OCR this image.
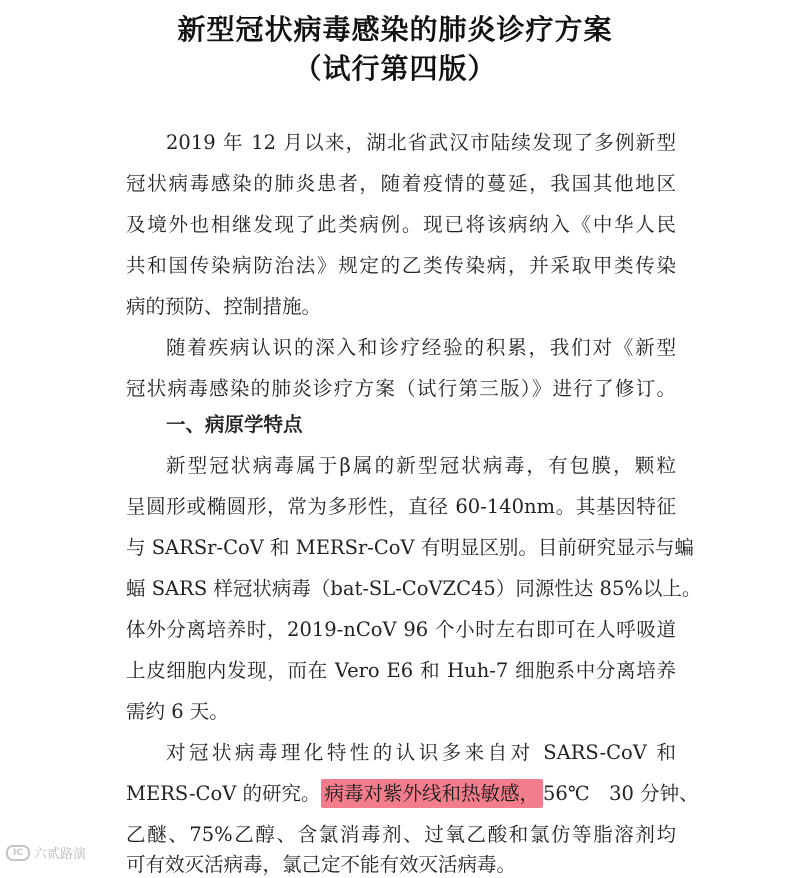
新型冠状病毒感染的肺炎诊疗方案
（试行第四版）
2019 年 12 月以来，湖北省武汉市陆续发现了多例新型
冠状病毒感染的肺炎患者，随着疫情的蔓延，我国其他地区
及境外也相继发现了此类病例。现已将该病纳入《中华人民
共和国传染病防治法》规定的乙类传染病，并采取甲类传染
病的预防、控制措施。
随着疾病认识的深入和诊疗经验的积累，我们对《新型
冠状病毒感染的肺炎诊疗方案（试行第三版）》进行了修订。
一、病原学特点
新型冠状病毒属于β属的新型冠状病毒，有包膜，颗粒
呈圆形或椭圆形，常为多形性，直径 60-140nm。其基因特征
与 SARSr-CoV 和 MERSr-CoV 有明显区别。目前研究显示与蝙
蝠 SARS 样冠状病毒（bat-SL-CoVZC45）同源性达 85%以上。
体外分离培养时，2019-nCoV 96 个小时左右即可在人呼吸道
上皮细胞内发现，而在 Vero E6 和 Huh-7 细胞系中分离培养
需约 6 天。
对冠状病毒理化特性的认识多来自对 SARS-CoV 和
MERS-CoV 的研究。 病毒对紫外线和热敏感， 56℃　30 分钟、
乙醚、75%乙醇、含氯消毒剂、过氧乙酸和氯仿等脂溶剂均
可有效灭活病毒，氯己定不能有效灭活病毒。
IC 六贰路演
